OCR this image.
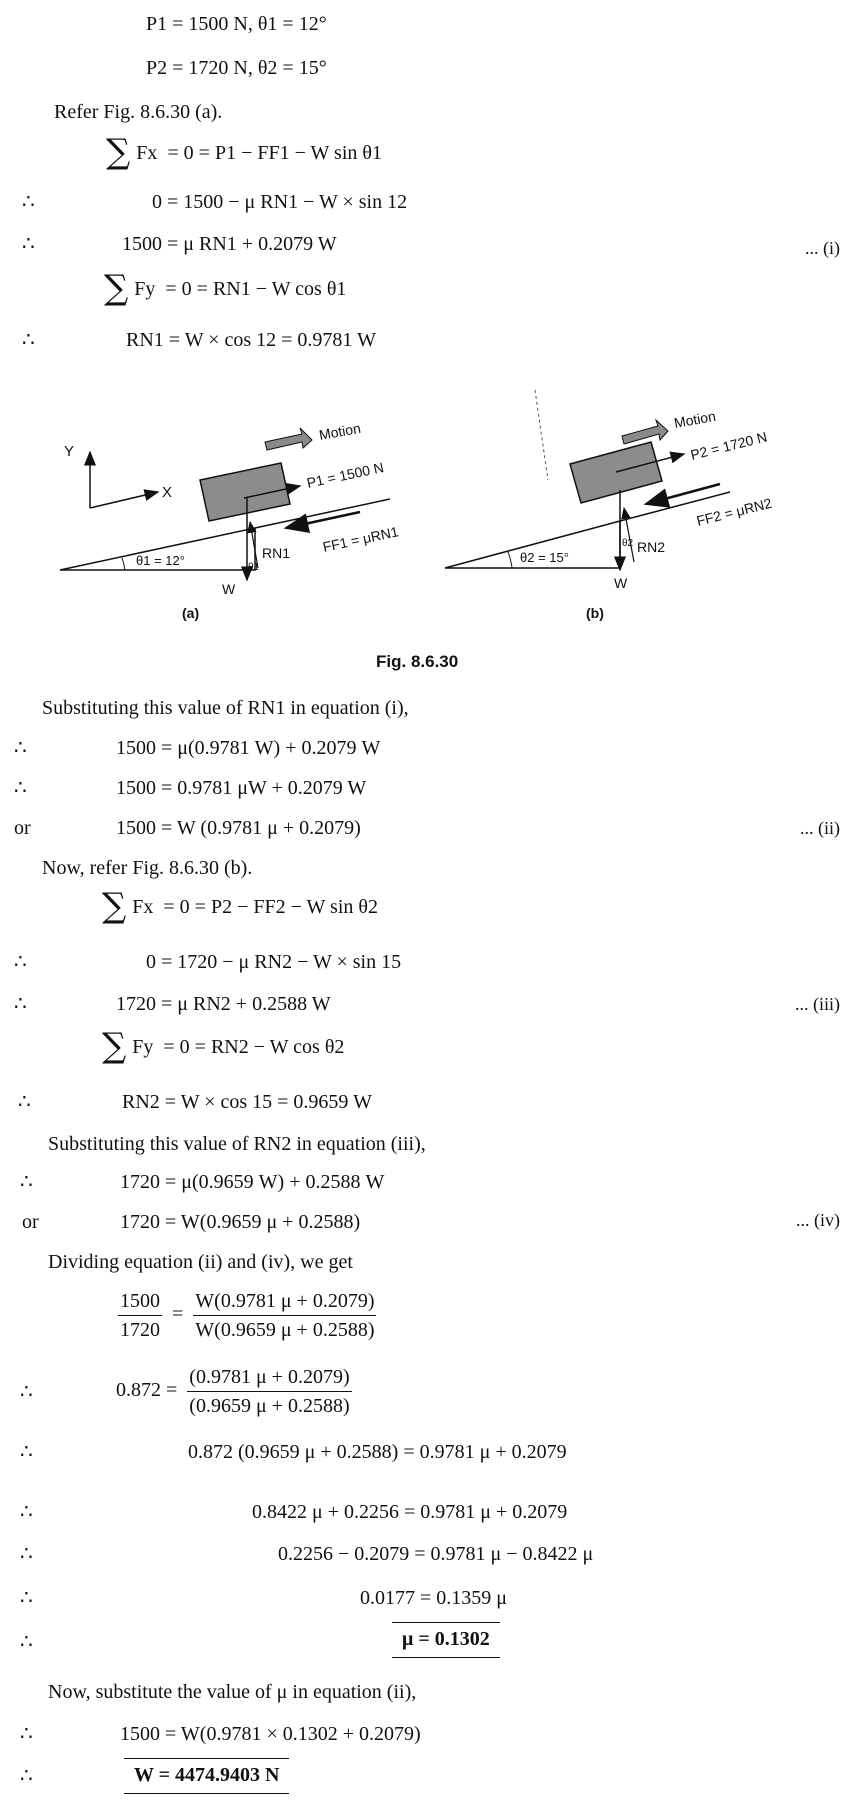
P1 = 1500 N, θ1 = 12°
P2 = 1720 N, θ2 = 15°
Refer Fig. 8.6.30 (a).
∑ Fx = 0 = P1 − FF1 − W sin θ1
∴	0 = 1500 − μ RN1 − W × sin 12
∴	1500 = μ RN1 + 0.2079 W	... (i)
∑ Fy = 0 = RN1 − W cos θ1
∴	RN1 = W × cos 12 = 0.9781 W
Y
X
Motion
P1 = 1500 N
FF1 = μRN1
RN1
θ1
W
θ1 = 12°
(a)
Motion
P2 = 1720 N
FF2 = μRN2
RN2
θ2
W
θ2 = 15°
(b)
Fig. 8.6.30
Substituting this value of RN1 in equation (i),
∴	1500 = μ(0.9781 W) + 0.2079 W
∴	1500 = 0.9781 μW + 0.2079 W
or	1500 = W (0.9781 μ + 0.2079)	... (ii)
Now, refer Fig. 8.6.30 (b).
∑ Fx = 0 = P2 − FF2 − W sin θ2
∴	0 = 1720 − μ RN2 − W × sin 15
∴	1720 = μ RN2 + 0.2588 W	... (iii)
∑ Fy = 0 = RN2 − W cos θ2
∴	RN2 = W × cos 15 = 0.9659 W
Substituting this value of RN2 in equation (iii),
∴	1720 = μ(0.9659 W) + 0.2588 W
or	1720 = W(0.9659 μ + 0.2588)	... (iv)
Dividing equation (ii) and (iv), we get
$\frac{1500}{1720} = \frac{W(0.9781 \mu + 0.2079)}{W(0.9659 \mu + 0.2588)}$
∴	$0.872 = \frac{(0.9781 \mu + 0.2079)}{(0.9659 \mu + 0.2588)}$
∴	0.872 (0.9659 μ + 0.2588) = 0.9781 μ + 0.2079
∴	0.8422 μ + 0.2256 = 0.9781 μ + 0.2079
∴	0.2256 − 0.2079 = 0.9781 μ − 0.8422 μ
∴	0.0177 = 0.1359 μ
∴	μ = 0.1302
Now, substitute the value of μ in equation (ii),
∴	1500 = W(0.9781 × 0.1302 + 0.2079)
∴	W = 4474.9403 N
